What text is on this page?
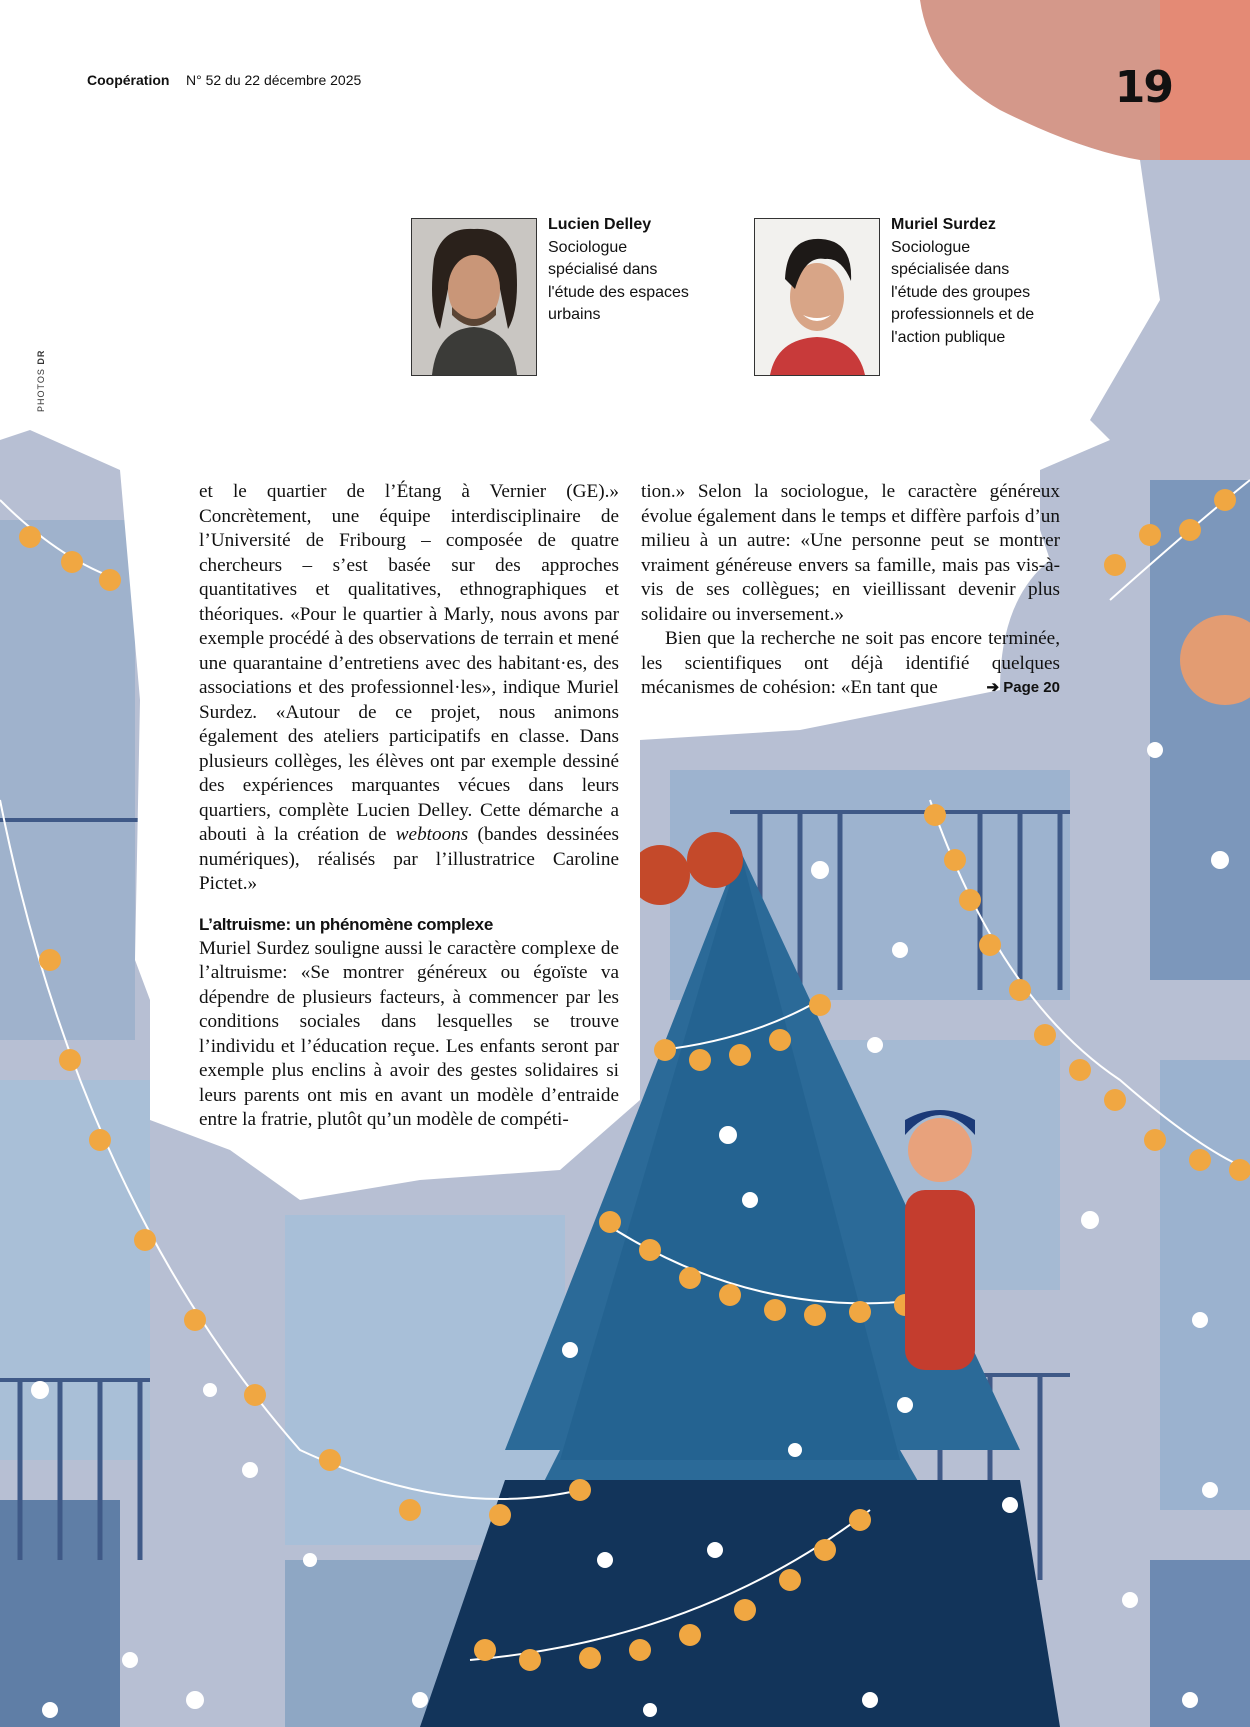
Coopération N° 52 du 22 décembre 2025	19
PHOTOS DR
Lucien Delley
Sociologue spécialisé dans l'étude des espaces urbains
Muriel Surdez
Sociologue spécialisée dans l'étude des groupes professionnels et de l'action publique

et le quartier de l’Étang à Vernier (GE).» Concrètement, une équipe interdisciplinaire de l’Université de Fribourg – composée de quatre chercheurs – s’est basée sur des approches quantitatives et qualitatives, ethnographiques et théoriques. «Pour le quartier à Marly, nous avons par exemple procédé à des observations de terrain et mené une quarantaine d’entretiens avec des habitant·es, des associations et des professionnel·les», indique Muriel Surdez. «Autour de ce projet, nous animons également des ateliers participatifs en classe. Dans plusieurs collèges, les élèves ont par exemple dessiné des expériences marquantes vécues dans leurs quartiers, complète Lucien Delley. Cette démarche a abouti à la création de webtoons (bandes dessinées numériques), réalisés par l’illustratrice Caroline Pictet.»

L’altruisme: un phénomène complexe

Muriel Surdez souligne aussi le caractère complexe de l’altruisme: «Se montrer généreux ou égoïste va dépendre de plusieurs facteurs, à commencer par les conditions sociales dans lesquelles se trouve l’individu et l’éducation reçue. Les enfants seront par exemple plus enclins à avoir des gestes solidaires si leurs parents ont mis en avant un modèle d’entraide entre la fratrie, plutôt qu’un modèle de compéti-

tion.» Selon la sociologue, le caractère généreux évolue également dans le temps et diffère parfois d’un milieu à un autre: «Une personne peut se montrer vraiment généreuse envers sa famille, mais pas vis-à-vis de ses collègues; en vieillissant devenir plus solidaire ou inversement.»

Bien que la recherche ne soit pas encore terminée, les scientifiques ont déjà identifié quelques mécanismes de cohésion: «En tant que	➔ Page 20
